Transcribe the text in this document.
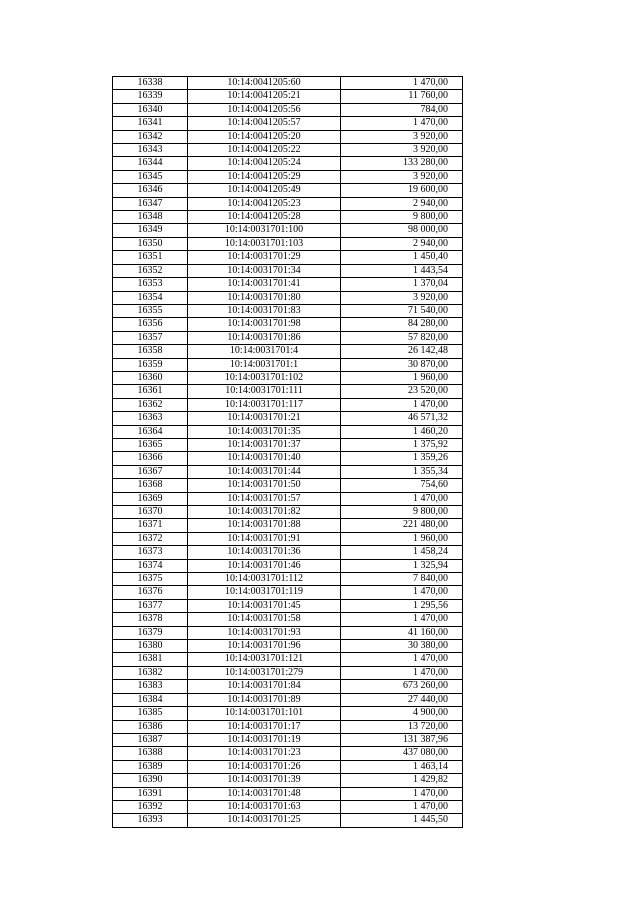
16338	10:14:0041205:60	1 470,00
16339	10:14:0041205:21	11 760,00
16340	10:14:0041205:56	784,00
16341	10:14:0041205:57	1 470,00
16342	10:14:0041205:20	3 920,00
16343	10:14:0041205:22	3 920,00
16344	10:14:0041205:24	133 280,00
16345	10:14:0041205:29	3 920,00
16346	10:14:0041205:49	19 600,00
16347	10:14:0041205:23	2 940,00
16348	10:14:0041205:28	9 800,00
16349	10:14:0031701:100	98 000,00
16350	10:14:0031701:103	2 940,00
16351	10:14:0031701:29	1 450,40
16352	10:14:0031701:34	1 443,54
16353	10:14:0031701:41	1 370,04
16354	10:14:0031701:80	3 920,00
16355	10:14:0031701:83	71 540,00
16356	10:14:0031701:98	84 280,00
16357	10:14:0031701:86	57 820,00
16358	10:14:0031701:4	26 142,48
16359	10:14:0031701:1	30 870,00
16360	10:14:0031701:102	1 960,00
16361	10:14:0031701:111	23 520,00
16362	10:14:0031701:117	1 470,00
16363	10:14:0031701:21	46 571,32
16364	10:14:0031701:35	1 460,20
16365	10:14:0031701:37	1 375,92
16366	10:14:0031701:40	1 359,26
16367	10:14:0031701:44	1 355,34
16368	10:14:0031701:50	754,60
16369	10:14:0031701:57	1 470,00
16370	10:14:0031701:82	9 800,00
16371	10:14:0031701:88	221 480,00
16372	10:14:0031701:91	1 960,00
16373	10:14:0031701:36	1 458,24
16374	10:14:0031701:46	1 325,94
16375	10:14:0031701:112	7 840,00
16376	10:14:0031701:119	1 470,00
16377	10:14:0031701:45	1 295,56
16378	10:14:0031701:58	1 470,00
16379	10:14:0031701:93	41 160,00
16380	10:14:0031701:96	30 380,00
16381	10:14:0031701:121	1 470,00
16382	10:14:0031701:279	1 470,00
16383	10:14:0031701:84	673 260,00
16384	10:14:0031701:89	27 440,00
16385	10:14:0031701:101	4 900,00
16386	10:14:0031701:17	13 720,00
16387	10:14:0031701:19	131 387,96
16388	10:14:0031701:23	437 080,00
16389	10:14:0031701:26	1 463,14
16390	10:14:0031701:39	1 429,82
16391	10:14:0031701:48	1 470,00
16392	10:14:0031701:63	1 470,00
16393	10:14:0031701:25	1 445,50
